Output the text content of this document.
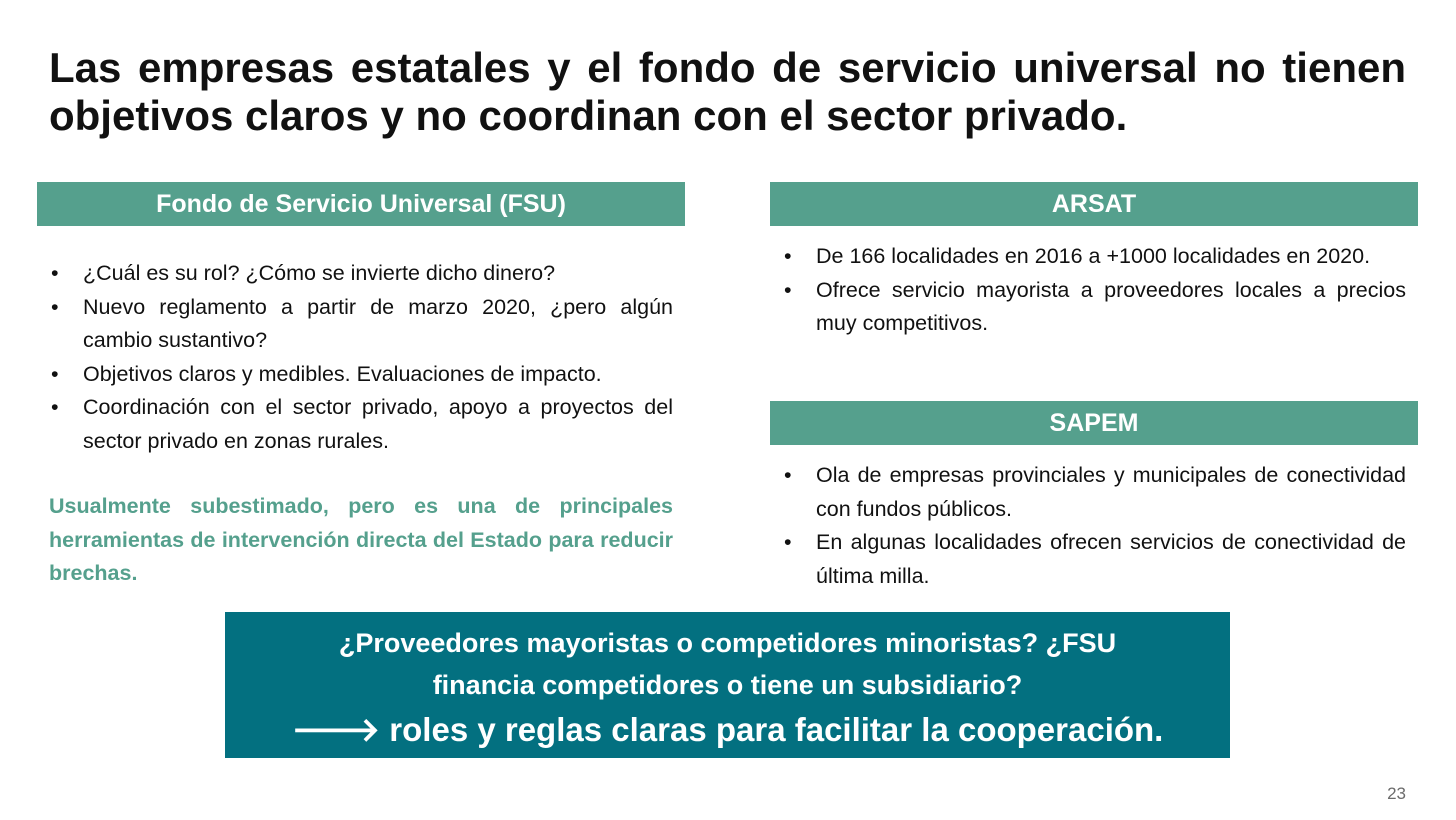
Las empresas estatales y el fondo de servicio universal no tienen objetivos claros y no coordinan con el sector privado.
Fondo de Servicio Universal (FSU)
•	¿Cuál es su rol? ¿Cómo se invierte dicho dinero?
•	Nuevo reglamento a partir de marzo 2020, ¿pero algún cambio sustantivo?
•	Objetivos claros y medibles. Evaluaciones de impacto.
•	Coordinación con el sector privado, apoyo a proyectos del sector privado en zonas rurales.
Usualmente subestimado, pero es una de principales herramientas de intervención directa del Estado para reducir brechas.
ARSAT
•	De 166 localidades en 2016 a +1000 localidades en 2020.
•	Ofrece servicio mayorista a proveedores locales a precios muy competitivos.
SAPEM
•	Ola de empresas provinciales y municipales de conectividad con fundos públicos.
•	En algunas localidades ofrecen servicios de conectividad de última milla.
¿Proveedores mayoristas o competidores minoristas? ¿FSU
financia competidores o tiene un subsidiario?
🡒 roles y reglas claras para facilitar la cooperación.
23
